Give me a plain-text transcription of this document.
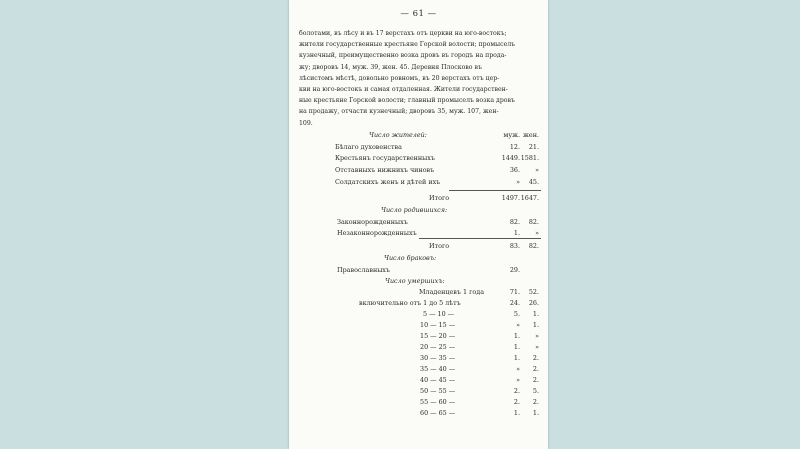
— 61 —

болотами, въ лѣсу и въ 17 верстахъ отъ церкви на юго-востокъ;

жители государственные крестьяне Горской волости; промыселъ

кузнечный, преимущественно возка дровъ въ городъ на прода-

жу; дворовъ 14, муж. 39, жен. 45. Деревня Плосково въ

лѣсистомъ мѣстѣ, довольно ровномъ, въ 20 верстахъ отъ цер-

кви на юго-востокъ и самая отдаленная. Жители государствен-

ные крестьяне Горской волости; главный промыселъ возка дровъ

на продажу, отчасти кузнечный; дворовъ 35, муж. 107, жен-

109.

Число жителей:	муж. жен.
Бѣлаго духовенства	12. 21.
Крестьянъ государственныхъ	1449. 1581.
Отставныхъ нижнихъ чиновъ	36. »
Солдатскихъ женъ и дѣтей ихъ	» 45.
Итого	1497. 1647.
Число родившихся:
Законнорожденныхъ	82. 82.
Незаконнорожденныхъ	1. »
Итого	83. 82.
Число браковъ:
Православныхъ	29.
Число умершихъ:
Младенцевъ 1 года	71. 52.
включительно отъ 1 до 5 лѣтъ	24. 26.
5 — 10 —	5. 1.
10 — 15 —	» 1.
15 — 20 —	1. »
20 — 25 —	1. »
30 — 35 —	1. 2.
35 — 40 —	» 2.
40 — 45 —	» 2.
50 — 55 —	2. 5.
55 — 60 —	2. 2.
60 — 65 —	1. 1.
